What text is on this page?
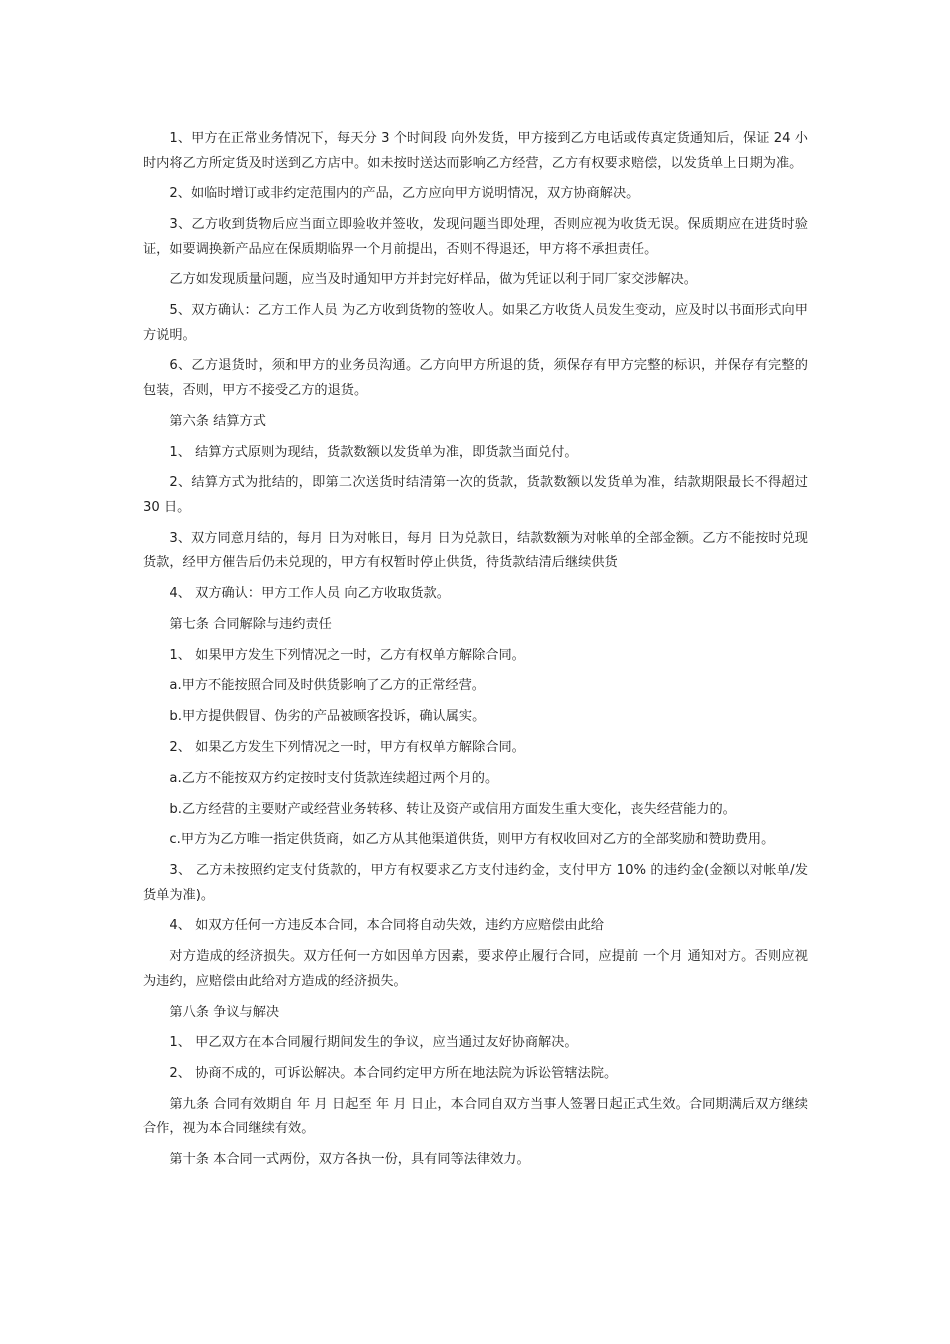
1、甲方在正常业务情况下，每天分 3 个时间段 向外发货，甲方接到乙方电话或传真定货通知后，保证 24 小时内将乙方所定货及时送到乙方店中。如未按时送达而影响乙方经营，乙方有权要求赔偿，以发货单上日期为准。

2、如临时增订或非约定范围内的产品，乙方应向甲方说明情况，双方协商解决。

3、乙方收到货物后应当面立即验收并签收，发现问题当即处理，否则应视为收货无误。保质期应在进货时验证，如要调换新产品应在保质期临界一个月前提出，否则不得退还，甲方将不承担责任。

乙方如发现质量问题，应当及时通知甲方并封完好样品，做为凭证以利于同厂家交涉解决。

5、双方确认：乙方工作人员 为乙方收到货物的签收人。如果乙方收货人员发生变动，应及时以书面形式向甲方说明。

6、乙方退货时，须和甲方的业务员沟通。乙方向甲方所退的货，须保存有甲方完整的标识，并保存有完整的包装，否则，甲方不接受乙方的退货。

第六条 结算方式

1、 结算方式原则为现结，货款数额以发货单为准，即货款当面兑付。

2、结算方式为批结的，即第二次送货时结清第一次的货款，货款数额以发货单为准，结款期限最长不得超过 30 日。

3、双方同意月结的，每月 日为对帐日，每月 日为兑款日，结款数额为对帐单的全部金额。乙方不能按时兑现货款，经甲方催告后仍未兑现的，甲方有权暂时停止供货，待货款结清后继续供货

4、 双方确认：甲方工作人员 向乙方收取货款。

第七条 合同解除与违约责任

1、 如果甲方发生下列情况之一时，乙方有权单方解除合同。

a.甲方不能按照合同及时供货影响了乙方的正常经营。

b.甲方提供假冒、伪劣的产品被顾客投诉，确认属实。

2、 如果乙方发生下列情况之一时，甲方有权单方解除合同。

a.乙方不能按双方约定按时支付货款连续超过两个月的。

b.乙方经营的主要财产或经营业务转移、转让及资产或信用方面发生重大变化，丧失经营能力的。

c.甲方为乙方唯一指定供货商，如乙方从其他渠道供货，则甲方有权收回对乙方的全部奖励和赞助费用。

3、 乙方未按照约定支付货款的，甲方有权要求乙方支付违约金，支付甲方 10% 的违约金(金额以对帐单/发货单为准)。

4、 如双方任何一方违反本合同，本合同将自动失效，违约方应赔偿由此给

对方造成的经济损失。双方任何一方如因单方因素，要求停止履行合同，应提前 一个月 通知对方。否则应视为违约，应赔偿由此给对方造成的经济损失。

第八条 争议与解决

1、 甲乙双方在本合同履行期间发生的争议，应当通过友好协商解决。

2、 协商不成的，可诉讼解决。本合同约定甲方所在地法院为诉讼管辖法院。

第九条 合同有效期自 年 月 日起至 年 月 日止，本合同自双方当事人签署日起正式生效。合同期满后双方继续合作，视为本合同继续有效。

第十条 本合同一式两份，双方各执一份，具有同等法律效力。
